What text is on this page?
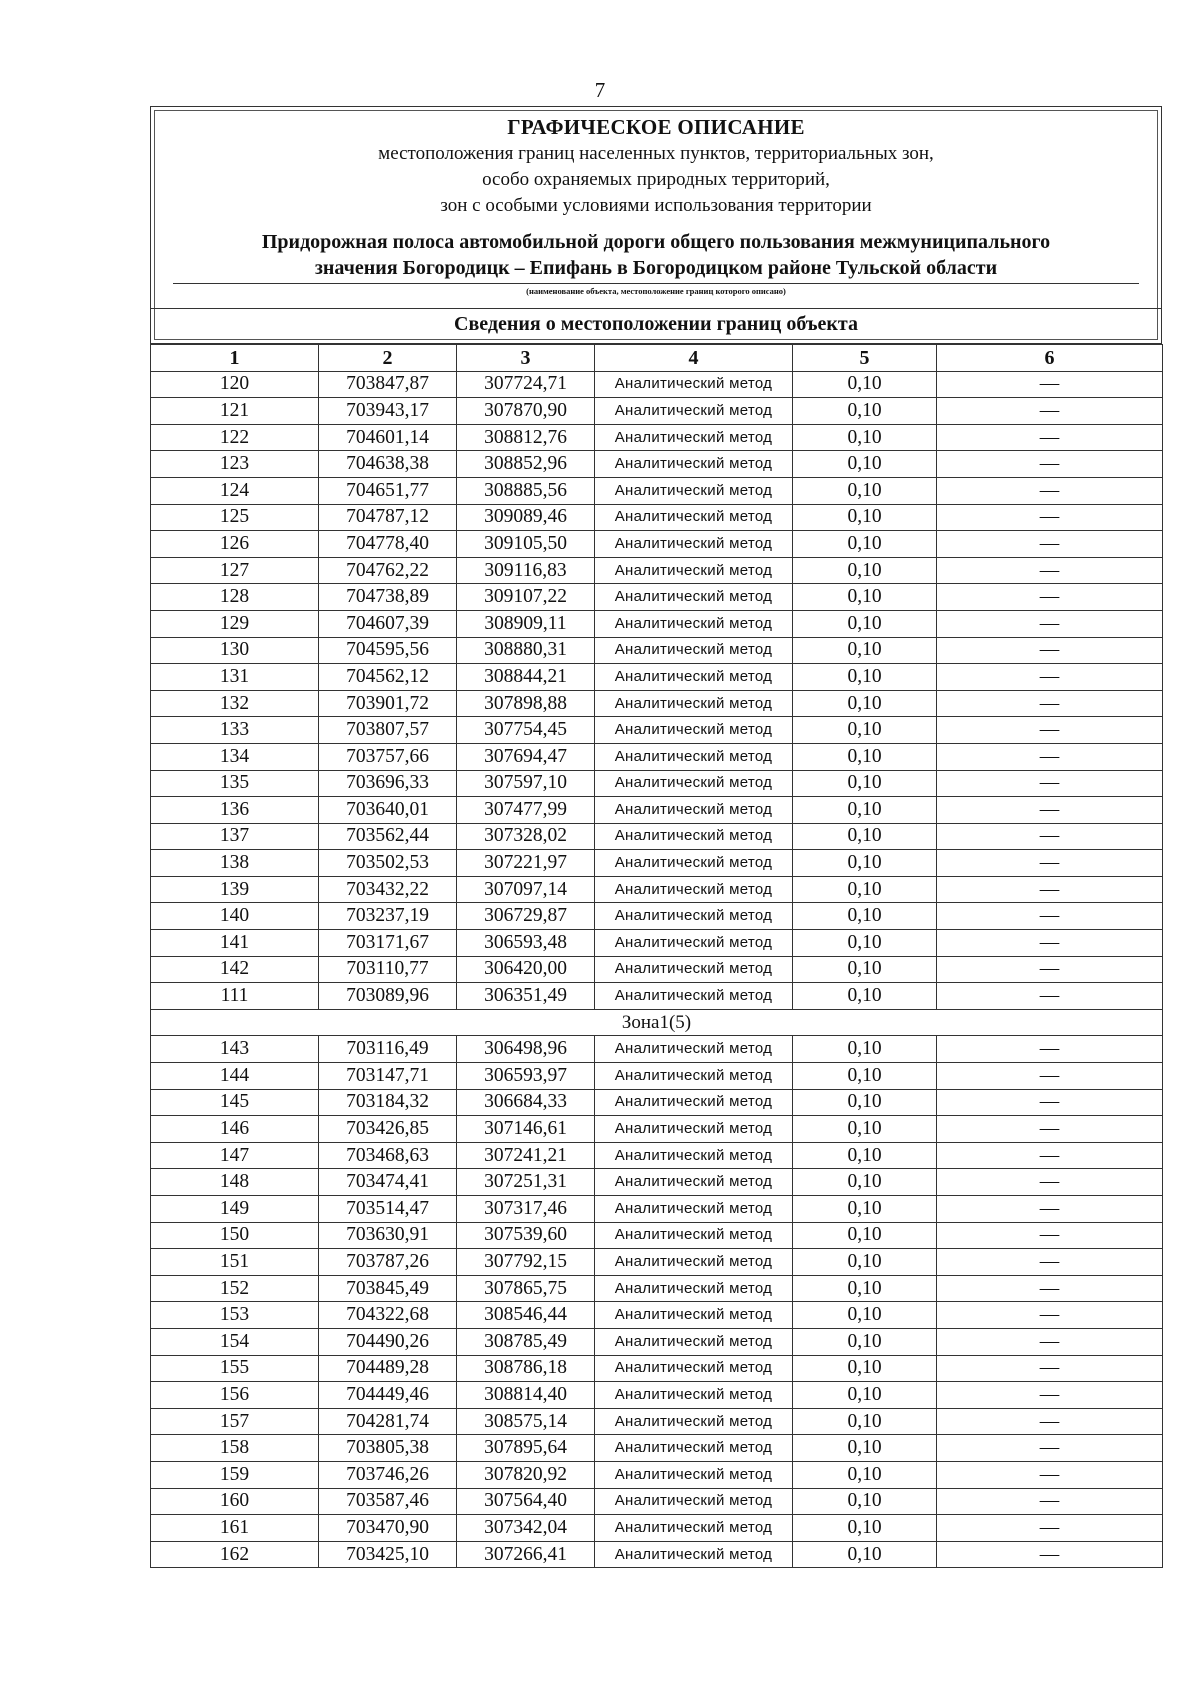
7
ГРАФИЧЕСКОЕ ОПИСАНИЕ
местоположения границ населенных пунктов, территориальных зон,
особо охраняемых природных территорий,
зон с особыми условиями использования территории
Придорожная полоса автомобильной дороги общего пользования межмуниципального
значения Богородицк – Епифань в Богородицком районе Тульской области
(наименование объекта, местоположение границ которого описано)
Сведения о местоположении границ объекта
1	2	3	4	5	6
120	703847,87	307724,71	Аналитический метод	0,10	—
121	703943,17	307870,90	Аналитический метод	0,10	—
122	704601,14	308812,76	Аналитический метод	0,10	—
123	704638,38	308852,96	Аналитический метод	0,10	—
124	704651,77	308885,56	Аналитический метод	0,10	—
125	704787,12	309089,46	Аналитический метод	0,10	—
126	704778,40	309105,50	Аналитический метод	0,10	—
127	704762,22	309116,83	Аналитический метод	0,10	—
128	704738,89	309107,22	Аналитический метод	0,10	—
129	704607,39	308909,11	Аналитический метод	0,10	—
130	704595,56	308880,31	Аналитический метод	0,10	—
131	704562,12	308844,21	Аналитический метод	0,10	—
132	703901,72	307898,88	Аналитический метод	0,10	—
133	703807,57	307754,45	Аналитический метод	0,10	—
134	703757,66	307694,47	Аналитический метод	0,10	—
135	703696,33	307597,10	Аналитический метод	0,10	—
136	703640,01	307477,99	Аналитический метод	0,10	—
137	703562,44	307328,02	Аналитический метод	0,10	—
138	703502,53	307221,97	Аналитический метод	0,10	—
139	703432,22	307097,14	Аналитический метод	0,10	—
140	703237,19	306729,87	Аналитический метод	0,10	—
141	703171,67	306593,48	Аналитический метод	0,10	—
142	703110,77	306420,00	Аналитический метод	0,10	—
111	703089,96	306351,49	Аналитический метод	0,10	—
Зона1(5)					
143	703116,49	306498,96	Аналитический метод	0,10	—
144	703147,71	306593,97	Аналитический метод	0,10	—
145	703184,32	306684,33	Аналитический метод	0,10	—
146	703426,85	307146,61	Аналитический метод	0,10	—
147	703468,63	307241,21	Аналитический метод	0,10	—
148	703474,41	307251,31	Аналитический метод	0,10	—
149	703514,47	307317,46	Аналитический метод	0,10	—
150	703630,91	307539,60	Аналитический метод	0,10	—
151	703787,26	307792,15	Аналитический метод	0,10	—
152	703845,49	307865,75	Аналитический метод	0,10	—
153	704322,68	308546,44	Аналитический метод	0,10	—
154	704490,26	308785,49	Аналитический метод	0,10	—
155	704489,28	308786,18	Аналитический метод	0,10	—
156	704449,46	308814,40	Аналитический метод	0,10	—
157	704281,74	308575,14	Аналитический метод	0,10	—
158	703805,38	307895,64	Аналитический метод	0,10	—
159	703746,26	307820,92	Аналитический метод	0,10	—
160	703587,46	307564,40	Аналитический метод	0,10	—
161	703470,90	307342,04	Аналитический метод	0,10	—
162	703425,10	307266,41	Аналитический метод	0,10	—
